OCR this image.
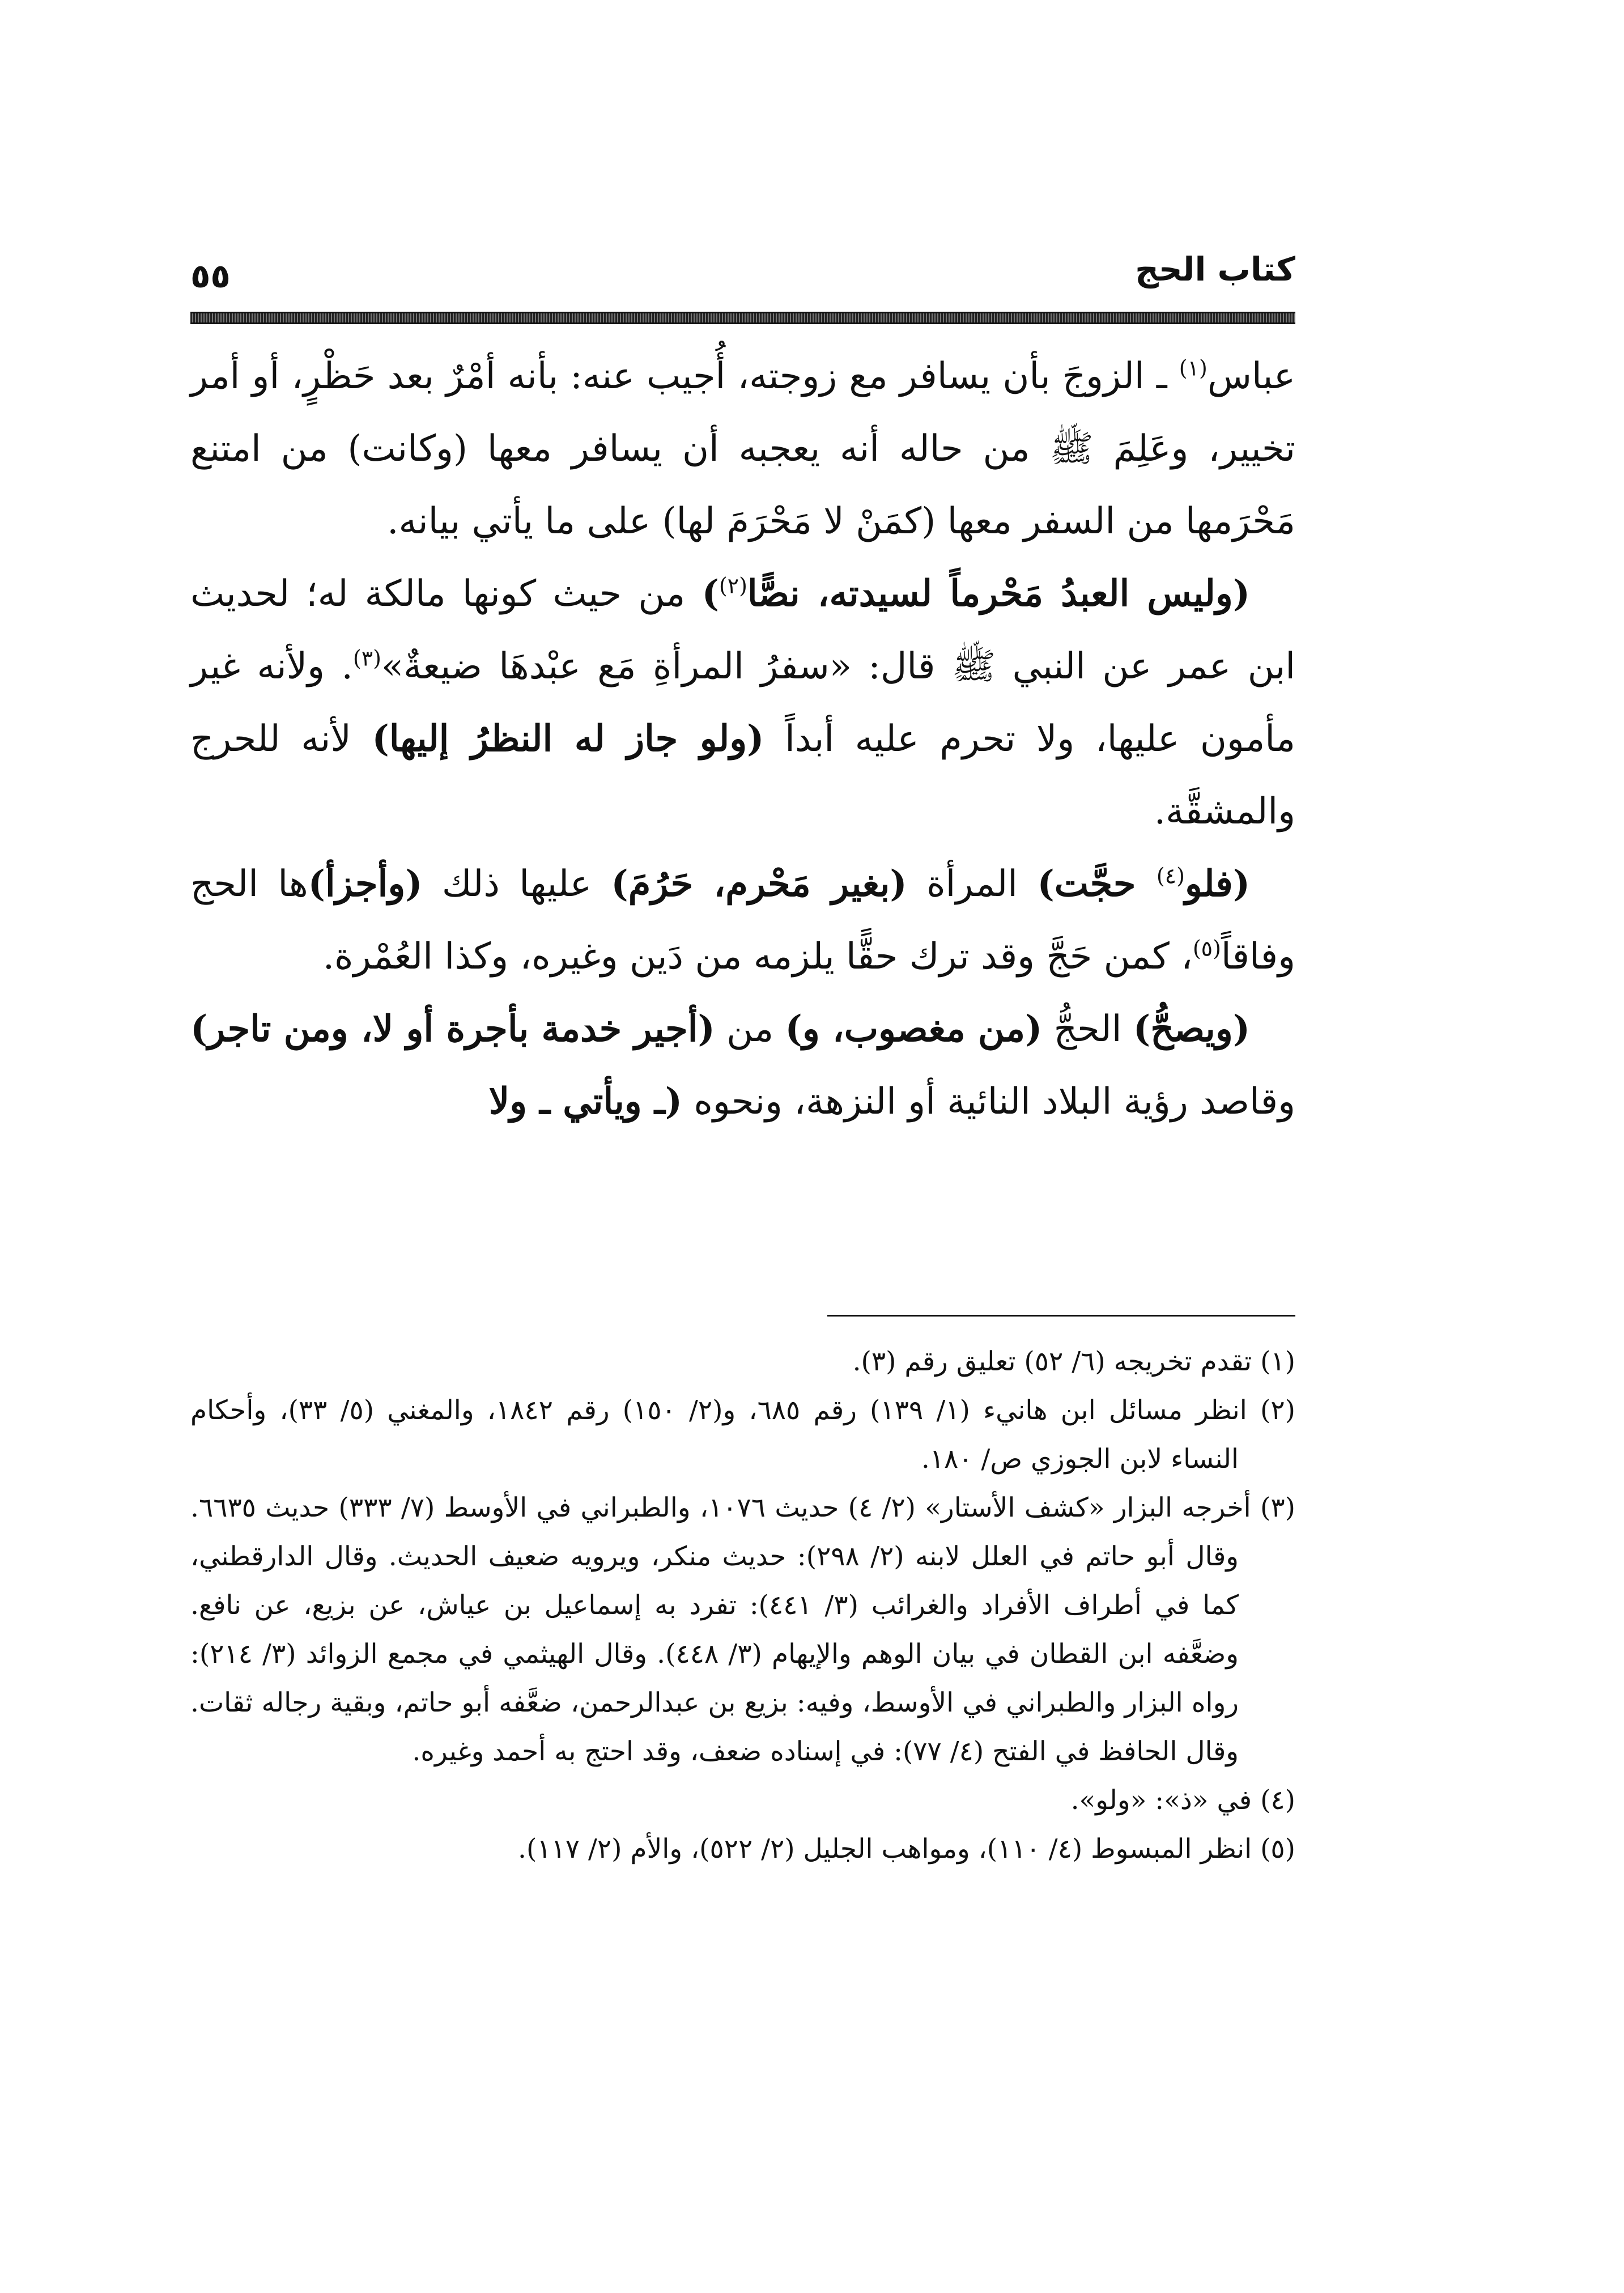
كتاب الحج
٥٥

عباس$^{(١)}$ ـ الزوجَ بأن يسافر مع زوجته، أُجيب عنه: بأنه أمْرٌ بعد حَظْرٍ، أو أمر تخيير، وعَلِمَ ﷺ من حاله أنه يعجبه أن يسافر معها (وكانت) من امتنع مَحْرَمها من السفر معها (كمَنْ لا مَحْرَمَ لها) على ما يأتي بيانه.

(وليس العبدُ مَحْرماً لسيدته، نصًّا$^{(٢)}$) من حيث كونها مالكة له؛ لحديث ابن عمر عن النبي ﷺ قال: «سفرُ المرأةِ مَع عبْدهَا ضيعةٌ»$^{(٣)}$. ولأنه غير مأمون عليها، ولا تحرم عليه أبداً (ولو جاز له النظرُ إليها) لأنه للحرج والمشقَّة.

(فلو$^{(٤)}$ حجَّت) المرأة (بغير مَحْرم، حَرُمَ) عليها ذلك (وأجزأ)ها الحج وفاقاً$^{(٥)}$، كمن حَجَّ وقد ترك حقًّا يلزمه من دَين وغيره، وكذا العُمْرة.

(ويصحُّ) الحجُّ (من مغصوب، و) من (أجير خدمة بأجرة أو لا، ومن تاجر) وقاصد رؤية البلاد النائية أو النزهة، ونحوه (ـ ويأتي ـ ولا

(١) تقدم تخريجه (٦/ ٥٢) تعليق رقم (٣).

(٢) انظر مسائل ابن هانيء (١/ ١٣٩) رقم ٦٨٥، و(٢/ ١٥٠) رقم ١٨٤٢، والمغني (٥/ ٣٣)، وأحكام النساء لابن الجوزي ص/ ١٨٠.

(٣) أخرجه البزار «كشف الأستار» (٢/ ٤) حديث ١٠٧٦، والطبراني في الأوسط (٧/ ٣٣٣) حديث ٦٦٣٥. وقال أبو حاتم في العلل لابنه (٢/ ٢٩٨): حديث منكر، ويرويه ضعيف الحديث. وقال الدارقطني، كما في أطراف الأفراد والغرائب (٣/ ٤٤١): تفرد به إسماعيل بن عياش، عن بزيع، عن نافع. وضعَّفه ابن القطان في بيان الوهم والإيهام (٣/ ٤٤٨). وقال الهيثمي في مجمع الزوائد (٣/ ٢١٤): رواه البزار والطبراني في الأوسط، وفيه: بزيع بن عبدالرحمن، ضعَّفه أبو حاتم، وبقية رجاله ثقات. وقال الحافظ في الفتح (٤/ ٧٧): في إسناده ضعف، وقد احتج به أحمد وغيره.

(٤) في «ذ»: «ولو».

(٥) انظر المبسوط (٤/ ١١٠)، ومواهب الجليل (٢/ ٥٢٢)، والأم (٢/ ١١٧).
